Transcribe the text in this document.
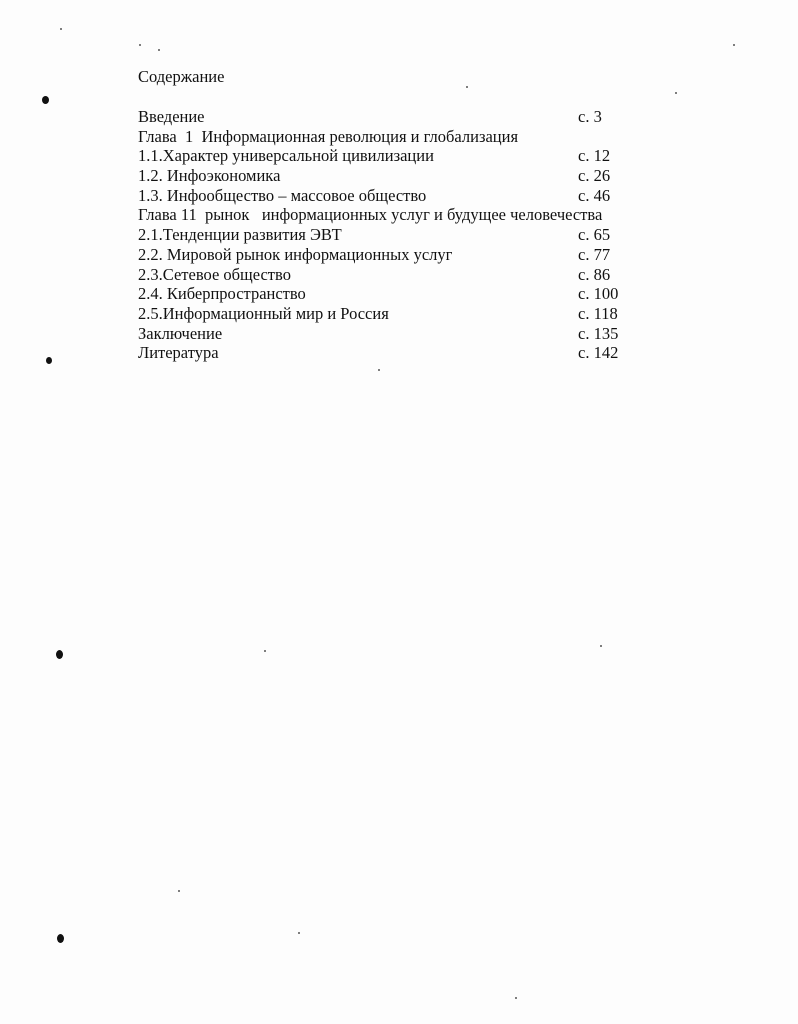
Содержание
Введение	с. 3
Глава  1  Информационная революция и глобализация
1.1.Характер универсальной цивилизации	с. 12
1.2. Инфоэкономика	с. 26
1.3. Инфообщество – массовое общество	с. 46
Глава 11  рынок   информационных услуг и будущее человечества
2.1.Тенденции развития ЭВТ	с. 65
2.2. Мировой рынок информационных услуг	с. 77
2.3.Сетевое общество	с. 86
2.4. Киберпространство	с. 100
2.5.Информационный мир и Россия	с. 118
Заключение	с. 135
Литература	с. 142
